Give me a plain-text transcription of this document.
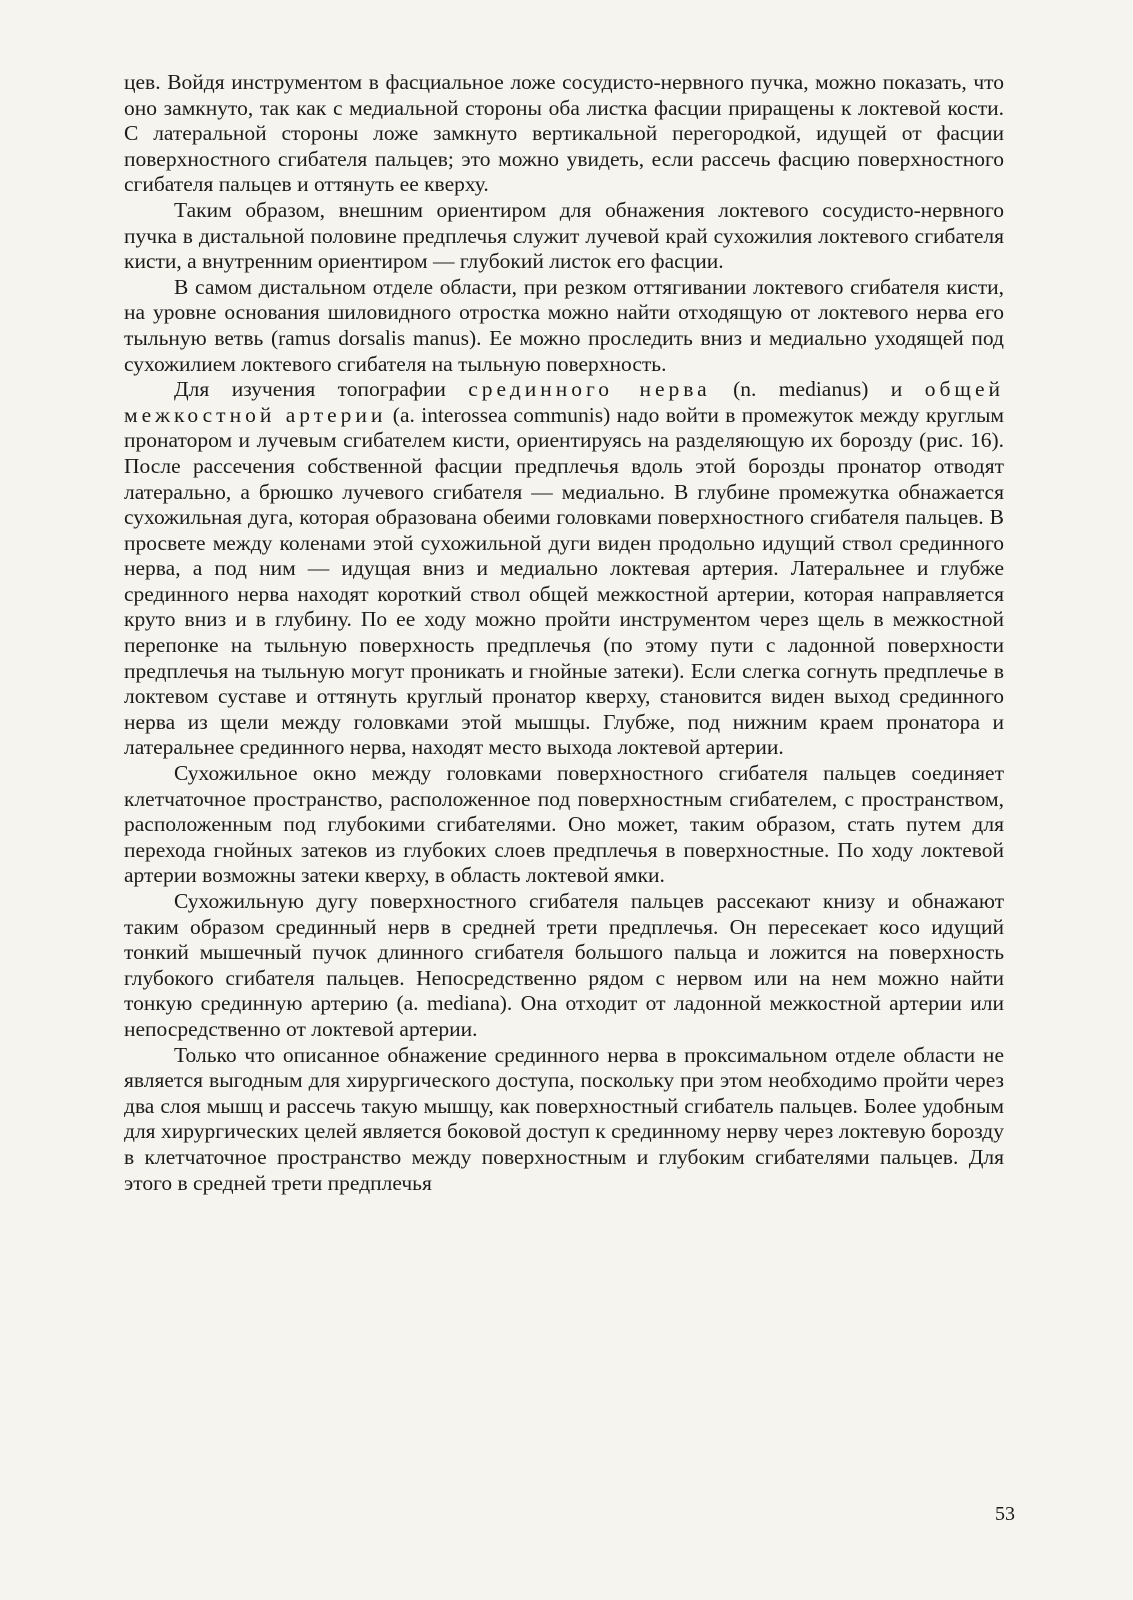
цев. Войдя инструментом в фасциальное ложе сосудисто-нервного пучка, можно показать, что оно замкнуто, так как с медиальной стороны оба листка фасции приращены к локтевой кости. С латеральной стороны ложе замкнуто вертикальной перегородкой, идущей от фасции поверхностного сгибателя пальцев; это можно увидеть, если рассечь фасцию поверхностного сгибателя пальцев и оттянуть ее кверху.

Таким образом, внешним ориентиром для обнажения локтевого сосудисто-нервного пучка в дистальной половине предплечья служит лучевой край сухожилия локтевого сгибателя кисти, а внутренним ориентиром — глубокий листок его фасции.

В самом дистальном отделе области, при резком оттягивании локтевого сгибателя кисти, на уровне основания шиловидного отростка можно найти отходящую от локтевого нерва его тыльную ветвь (ramus dorsalis manus). Ее можно проследить вниз и медиально уходящей под сухожилием локтевого сгибателя на тыльную поверхность.

Для изучения топографии срединного нерва (n. medianus) и общей межкостной артерии (a. interossea communis) надо войти в промежуток между круглым пронатором и лучевым сгибателем кисти, ориентируясь на разделяющую их борозду (рис. 16). После рассечения собственной фасции предплечья вдоль этой борозды пронатор отводят латерально, а брюшко лучевого сгибателя — медиально. В глубине промежутка обнажается сухожильная дуга, которая образована обеими головками поверхностного сгибателя пальцев. В просвете между коленами этой сухожильной дуги виден продольно идущий ствол срединного нерва, а под ним — идущая вниз и медиально локтевая артерия. Латеральнее и глубже срединного нерва находят короткий ствол общей межкостной артерии, которая направляется круто вниз и в глубину. По ее ходу можно пройти инструментом через щель в межкостной перепонке на тыльную поверхность предплечья (по этому пути с ладонной поверхности предплечья на тыльную могут проникать и гнойные затеки). Если слегка согнуть предплечье в локтевом суставе и оттянуть круглый пронатор кверху, становится виден выход срединного нерва из щели между головками этой мышцы. Глубже, под нижним краем пронатора и латеральнее срединного нерва, находят место выхода локтевой артерии.

Сухожильное окно между головками поверхностного сгибателя пальцев соединяет клетчаточное пространство, расположенное под поверхностным сгибателем, с пространством, расположенным под глубокими сгибателями. Оно может, таким образом, стать путем для перехода гнойных затеков из глубоких слоев предплечья в поверхностные. По ходу локтевой артерии возможны затеки кверху, в область локтевой ямки.

Сухожильную дугу поверхностного сгибателя пальцев рассекают книзу и обнажают таким образом срединный нерв в средней трети предплечья. Он пересекает косо идущий тонкий мышечный пучок длинного сгибателя большого пальца и ложится на поверхность глубокого сгибателя пальцев. Непосредственно рядом с нервом или на нем можно найти тонкую срединную артерию (a. mediana). Она отходит от ладонной межкостной артерии или непосредственно от локтевой артерии.

Только что описанное обнажение срединного нерва в проксимальном отделе области не является выгодным для хирургического доступа, поскольку при этом необходимо пройти через два слоя мышц и рассечь такую мышцу, как поверхностный сгибатель пальцев. Более удобным для хирургических целей является боковой доступ к срединному нерву через локтевую борозду в клетчаточное пространство между поверхностным и глубоким сгибателями пальцев. Для этого в средней трети предплечья

53
